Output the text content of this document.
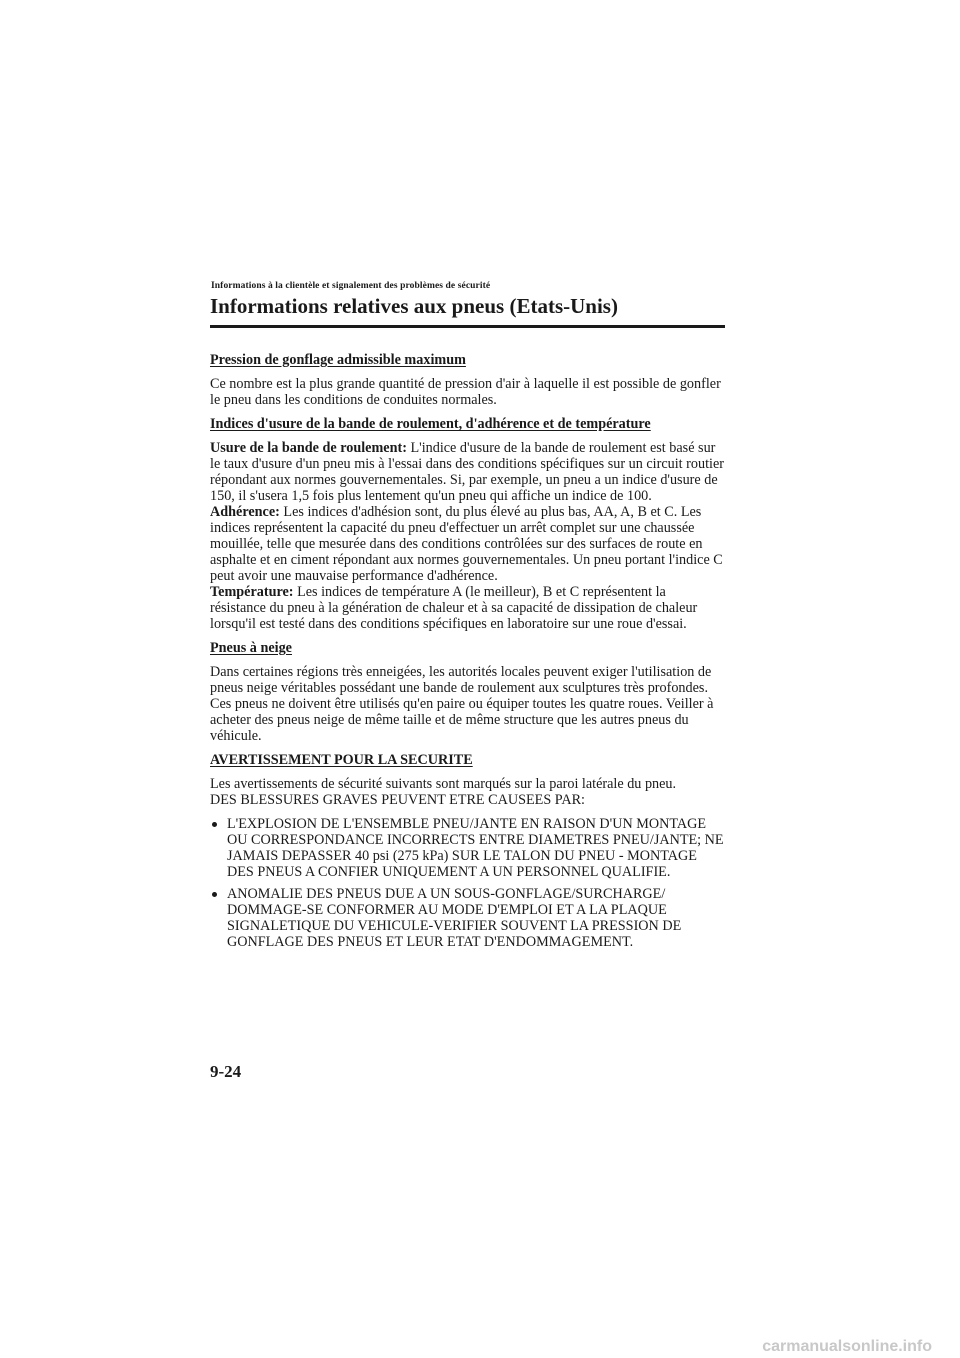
Informations à la clientèle et signalement des problèmes de sécurité
Informations relatives aux pneus (Etats-Unis)
Pression de gonflage admissible maximum

Ce nombre est la plus grande quantité de pression d'air à laquelle il est possible de gonfler le pneu dans les conditions de conduites normales.

Indices d'usure de la bande de roulement, d'adhérence et de température

Usure de la bande de roulement: L'indice d'usure de la bande de roulement est basé sur le taux d'usure d'un pneu mis à l'essai dans des conditions spécifiques sur un circuit routier répondant aux normes gouvernementales. Si, par exemple, un pneu a un indice d'usure de 150, il s'usera 1,5 fois plus lentement qu'un pneu qui affiche un indice de 100.

Adhérence: Les indices d'adhésion sont, du plus élevé au plus bas, AA, A, B et C. Les indices représentent la capacité du pneu d'effectuer un arrêt complet sur une chaussée mouillée, telle que mesurée dans des conditions contrôlées sur des surfaces de route en asphalte et en ciment répondant aux normes gouvernementales. Un pneu portant l'indice C peut avoir une mauvaise performance d'adhérence.

Température: Les indices de température A (le meilleur), B et C représentent la résistance du pneu à la génération de chaleur et à sa capacité de dissipation de chaleur lorsqu'il est testé dans des conditions spécifiques en laboratoire sur une roue d'essai.

Pneus à neige

Dans certaines régions très enneigées, les autorités locales peuvent exiger l'utilisation de pneus neige véritables possédant une bande de roulement aux sculptures très profondes. Ces pneus ne doivent être utilisés qu'en paire ou équiper toutes les quatre roues. Veiller à acheter des pneus neige de même taille et de même structure que les autres pneus du véhicule.

AVERTISSEMENT POUR LA SECURITE

Les avertissements de sécurité suivants sont marqués sur la paroi latérale du pneu.

DES BLESSURES GRAVES PEUVENT ETRE CAUSEES PAR:

L'EXPLOSION DE L'ENSEMBLE PNEU/JANTE EN RAISON D'UN MONTAGE OU CORRESPONDANCE INCORRECTS ENTRE DIAMETRES PNEU/JANTE; NE JAMAIS DEPASSER 40 psi (275 kPa) SUR LE TALON DU PNEU - MONTAGE DES PNEUS A CONFIER UNIQUEMENT A UN PERSONNEL QUALIFIE.
ANOMALIE DES PNEUS DUE A UN SOUS-GONFLAGE/SURCHARGE/ DOMMAGE-SE CONFORMER AU MODE D'EMPLOI ET A LA PLAQUE SIGNALETIQUE DU VEHICULE-VERIFIER SOUVENT LA PRESSION DE GONFLAGE DES PNEUS ET LEUR ETAT D'ENDOMMAGEMENT.
9-24
carmanualsonline.info
